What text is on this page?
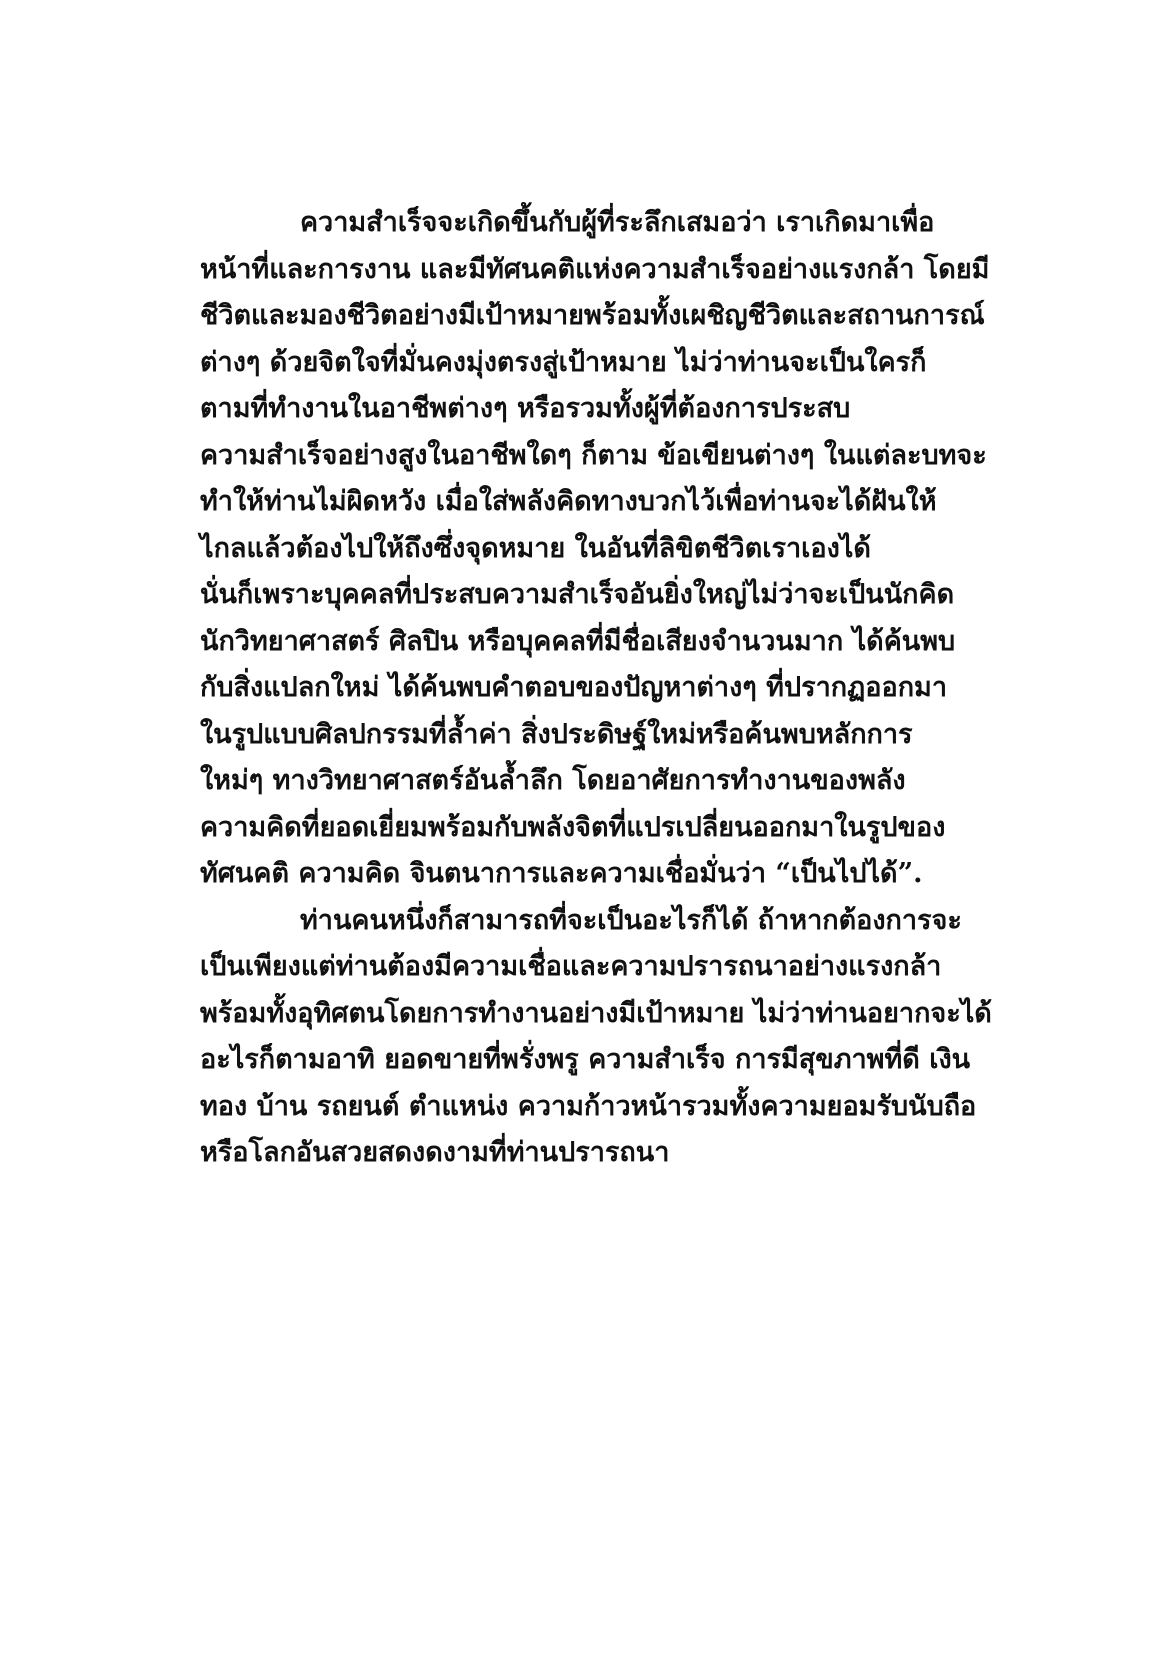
ความสำเร็จจะเกิดขึ้นกับผู้ที่ระลึกเสมอว่า เราเกิดมาเพื่อ
หน้าที่และการงาน และมีทัศนคติแห่งความสำเร็จอย่างแรงกล้า โดยมี
ชีวิตและมองชีวิตอย่างมีเป้าหมายพร้อมทั้งเผชิญชีวิตและสถานการณ์
ต่างๆ ด้วยจิตใจที่มั่นคงมุ่งตรงสู่เป้าหมาย ไม่ว่าท่านจะเป็นใครก็
ตามที่ทำงานในอาชีพต่างๆ หรือรวมทั้งผู้ที่ต้องการประสบ
ความสำเร็จอย่างสูงในอาชีพใดๆ ก็ตาม ข้อเขียนต่างๆ ในแต่ละบทจะ
ทำให้ท่านไม่ผิดหวัง เมื่อใส่พลังคิดทางบวกไว้เพื่อท่านจะได้ฝันให้
ไกลแล้วต้องไปให้ถึงซึ่งจุดหมาย ในอันที่ลิขิตชีวิตเราเองได้
นั่นก็เพราะบุคคลที่ประสบความสำเร็จอันยิ่งใหญ่ไม่ว่าจะเป็นนักคิด
นักวิทยาศาสตร์ ศิลปิน หรือบุคคลที่มีชื่อเสียงจำนวนมาก ได้ค้นพบ
กับสิ่งแปลกใหม่ ได้ค้นพบคำตอบของปัญหาต่างๆ ที่ปรากฏออกมา
ในรูปแบบศิลปกรรมที่ล้ำค่า สิ่งประดิษฐ์ใหม่หรือค้นพบหลักการ
ใหม่ๆ ทางวิทยาศาสตร์อันล้ำลึก โดยอาศัยการทำงานของพลัง
ความคิดที่ยอดเยี่ยมพร้อมกับพลังจิตที่แปรเปลี่ยนออกมาในรูปของ
ทัศนคติ ความคิด จินตนาการและความเชื่อมั่นว่า “เป็นไปได้”.
ท่านคนหนึ่งก็สามารถที่จะเป็นอะไรก็ได้ ถ้าหากต้องการจะ
เป็นเพียงแต่ท่านต้องมีความเชื่อและความปรารถนาอย่างแรงกล้า
พร้อมทั้งอุทิศตนโดยการทำงานอย่างมีเป้าหมาย ไม่ว่าท่านอยากจะได้
อะไรก็ตามอาทิ ยอดขายที่พรั่งพรู ความสำเร็จ การมีสุขภาพที่ดี เงิน
ทอง บ้าน รถยนต์ ตำแหน่ง ความก้าวหน้ารวมทั้งความยอมรับนับถือ
หรือโลกอันสวยสดงดงามที่ท่านปรารถนา
